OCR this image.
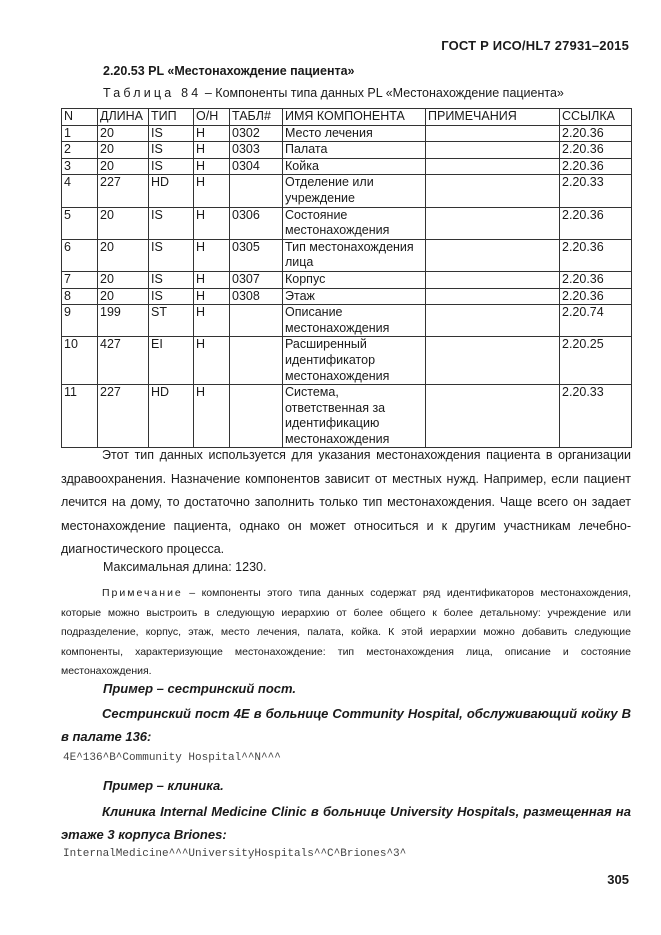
ГОСТ Р ИСО/HL7 27931–2015
2.20.53 PL «Местонахождение пациента»
Таблица 84 – Компоненты типа данных PL «Местонахождение пациента»
N	ДЛИНА	ТИП	О/Н	ТАБЛ#	ИМЯ КОМПОНЕНТА	ПРИМЕЧАНИЯ	ССЫЛКА
1	20	IS	Н	0302	Место лечения		2.20.36
2	20	IS	Н	0303	Палата		2.20.36
3	20	IS	Н	0304	Койка		2.20.36
4	227	HD	Н		Отделение или учреждение		2.20.33
5	20	IS	Н	0306	Состояние местонахождения		2.20.36
6	20	IS	Н	0305	Тип местонахождения лица		2.20.36
7	20	IS	Н	0307	Корпус		2.20.36
8	20	IS	Н	0308	Этаж		2.20.36
9	199	ST	Н		Описание местонахождения		2.20.74
10	427	EI	Н		Расширенный идентификатор местонахождения		2.20.25
11	227	HD	Н		Система, ответственная за идентификацию местонахождения		2.20.33

Этот тип данных используется для указания местонахождения пациента в организации здравоохранения. Назначение компонентов зависит от местных нужд. Например, если пациент лечится на дому, то достаточно заполнить только тип местонахождения. Чаще всего он задает местонахождение пациента, однако он может относиться и к другим участникам лечебно-диагностического процесса.

Максимальная длина: 1230.

Примечание – компоненты этого типа данных содержат ряд идентификаторов местонахождения, которые можно выстроить в следующую иерархию от более общего к более детальному: учреждение или подразделение, корпус, этаж, место лечения, палата, койка. К этой иерархии можно добавить следующие компоненты, характеризующие местонахождение: тип местонахождения лица, описание и состояние местонахождения.

Пример – сестринский пост.

Сестринский пост 4E в больнице Community Hospital, обслуживающий койку B в палате 136:

4E^136^B^Community Hospital^^N^^^
Пример – клиника.

Клиника Internal Medicine Clinic в больнице University Hospitals, размещенная на этаже 3 корпуса Briones:

InternalMedicine^^^UniversityHospitals^^C^Briones^3^
305
